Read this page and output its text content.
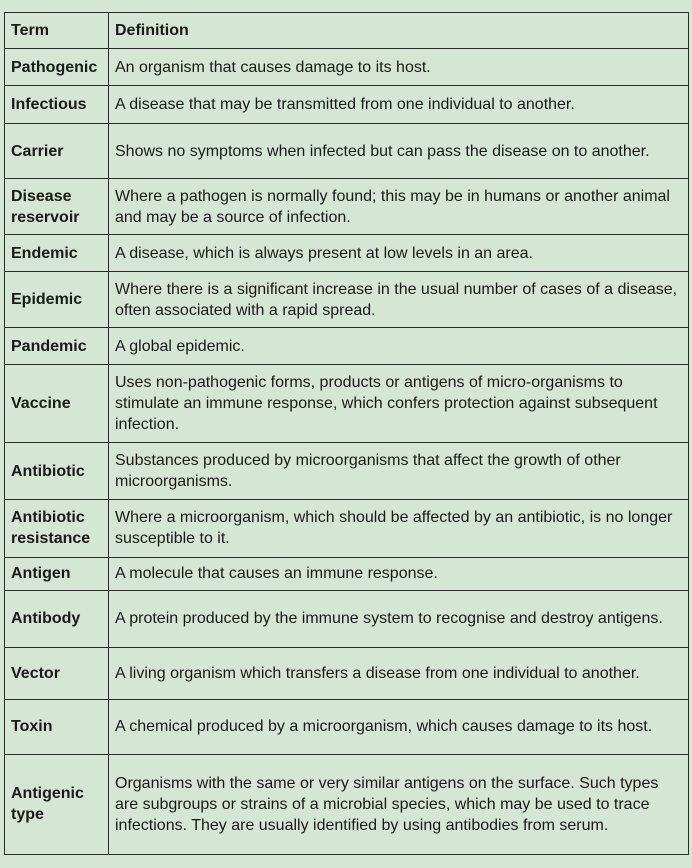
Term	Definition
Pathogenic	An organism that causes damage to its host.
Infectious	A disease that may be transmitted from one individual to another.
Carrier	Shows no symptoms when infected but can pass the disease on to another.
Disease reservoir	Where a pathogen is normally found; this may be in humans or another animal and may be a source of infection.
Endemic	A disease, which is always present at low levels in an area.
Epidemic	Where there is a significant increase in the usual number of cases of a disease, often associated with a rapid spread.
Pandemic	A global epidemic.
Vaccine	Uses non-pathogenic forms, products or antigens of micro-organisms to stimulate an immune response, which confers protection against subsequent infection.
Antibiotic	Substances produced by microorganisms that affect the growth of other microorganisms.
Antibiotic resistance	Where a microorganism, which should be affected by an antibiotic, is no longer susceptible to it.
Antigen	A molecule that causes an immune response.
Antibody	A protein produced by the immune system to recognise and destroy antigens.
Vector	A living organism which transfers a disease from one individual to another.
Toxin	A chemical produced by a microorganism, which causes damage to its host.
Antigenic type	Organisms with the same or very similar antigens on the surface. Such types are subgroups or strains of a microbial species, which may be used to trace infections. They are usually identified by using antibodies from serum.
